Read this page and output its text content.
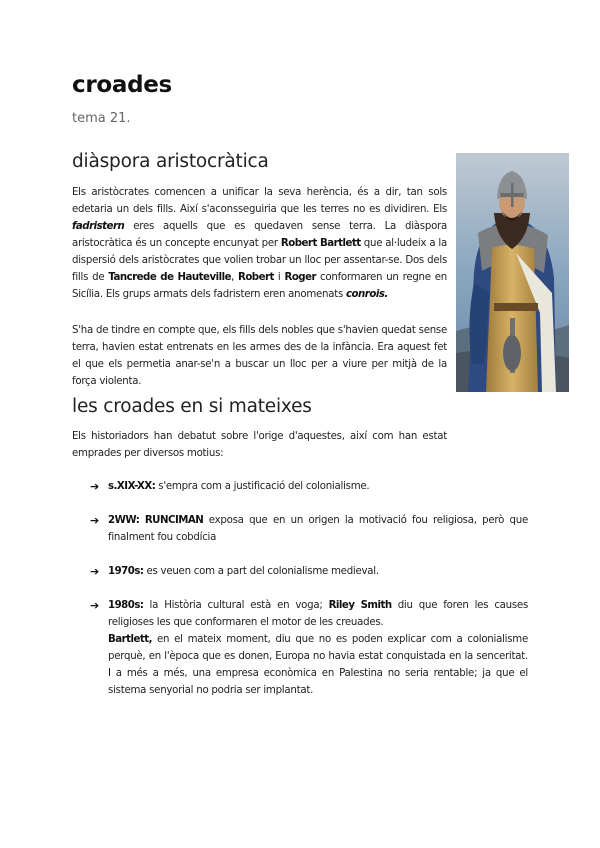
croades

tema 21.

diàspora aristocràtica

Els aristòcrates comencen a unificar la seva herència, és a dir, tan sols edetaria un dels fills. Així s'aconsseguiria que les terres no es dividiren. Els fadristern eres aquells que es quedaven sense terra. La diàspora aristocràtica és un concepte encunyat per Robert Bartlett que al·ludeix a la dispersió dels aristòcrates que volien trobar un lloc per assentar-se. Dos dels fills de Tancrede de Hauteville, Robert i Roger conformaren un regne en Sicília. Els grups armats dels fadristern eren anomenats conrois.

S'ha de tindre en compte que, els fills dels nobles que s'havien quedat sense terra, havien estat entrenats en les armes des de la infància. Era aquest fet el que els permetia anar-se'n a buscar un lloc per a viure per mitjà de la força violenta.

les croades en si mateixes

Els historiadors han debatut sobre l'orige d'aquestes, així com han estat emprades per diversos motius:

➔ s.XIX-XX: s'empra com a justificació del colonialisme.
➔ 2WW: RUNCIMAN exposa que en un origen la motivació fou religiosa, però que finalment fou cobdícia
➔ 1970s: es veuen com a part del colonialisme medieval.
➔ 1980s: la Història cultural està en voga; Riley Smith diu que foren les causes religioses les que conformaren el motor de les creuades.
Bartlett, en el mateix moment, diu que no es poden explicar com a colonialisme perquè, en l'època que es donen, Europa no havia estat conquistada en la senceritat. I a més a més, una empresa econòmica en Palestina no seria rentable; ja que el sistema senyorial no podria ser implantat.
